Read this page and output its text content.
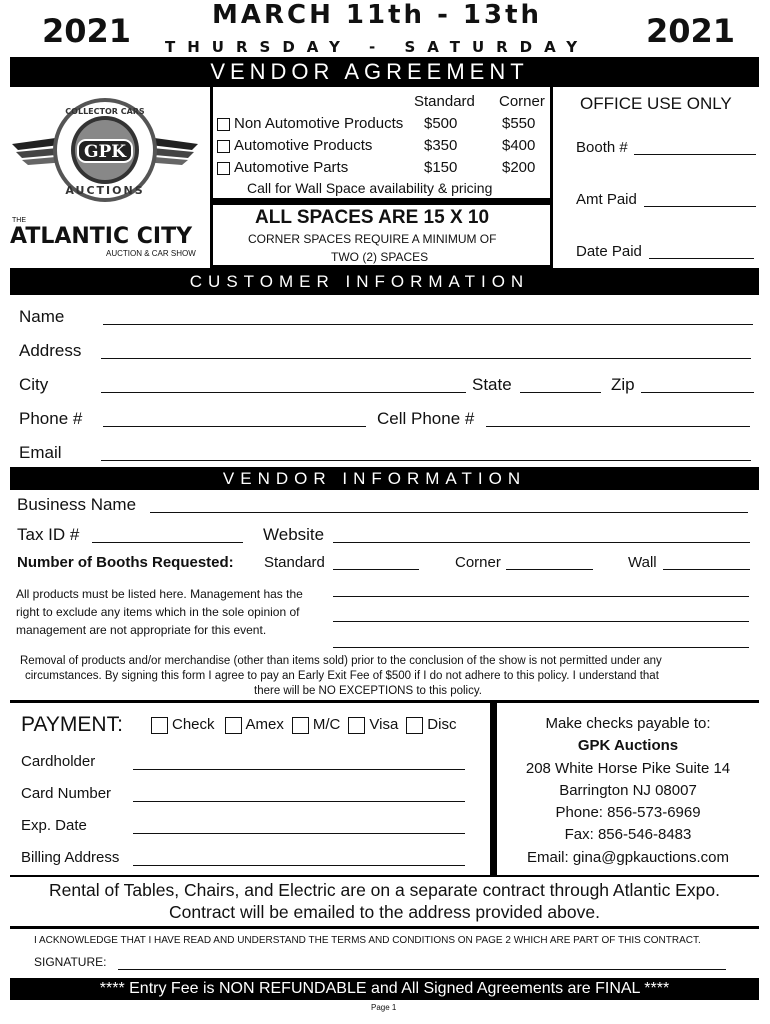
2021	2021
MARCH 11th - 13th
THURSDAY - SATURDAY
VENDOR AGREEMENT
GPK
COLLECTOR CARS
AUCTIONS
THE
ATLANTIC CITY
AUCTION & CAR SHOW
Standard Corner
Non Automotive Products $500	$550
Automotive Products	$350	$400
Automotive Parts	$150	$200
Call for Wall Space availability & pricing
ALL SPACES ARE 15 X 10
CORNER SPACES REQUIRE A MINIMUM OF
TWO (2) SPACES
OFFICE USE ONLY
Booth #
Amt Paid
Date Paid
CUSTOMER INFORMATION
Name
Address
City	State	Zip
Phone #	Cell Phone #
Email
VENDOR INFORMATION
Business Name
Tax ID #	Website
Number of Booths Requested: Standard	Corner	Wall
All products must be listed here. Management has the
right to exclude any items which in the sole opinion of
management are not appropriate for this event.
Removal of products and/or merchandise (other than items sold) prior to the conclusion of the show is not permitted under any
circumstances. By signing this form I agree to pay an Early Exit Fee of $500 if I do not adhere to this policy. I understand that
there will be NO EXCEPTIONS to this policy.
PAYMENT:	Check Amex M/C Visa Disc
Cardholder
Card Number
Exp. Date
Billing Address
Make checks payable to:
GPK Auctions
208 White Horse Pike Suite 14
Barrington NJ 08007
Phone: 856-573-6969
Fax: 856-546-8483
Email: gina@gpkauctions.com
Rental of Tables, Chairs, and Electric are on a separate contract through Atlantic Expo.
Contract will be emailed to the address provided above.
I ACKNOWLEDGE THAT I HAVE READ AND UNDERSTAND THE TERMS AND CONDITIONS ON PAGE 2 WHICH ARE PART OF THIS CONTRACT.
SIGNATURE:
**** Entry Fee is NON REFUNDABLE and All Signed Agreements are FINAL ****
Page 1
